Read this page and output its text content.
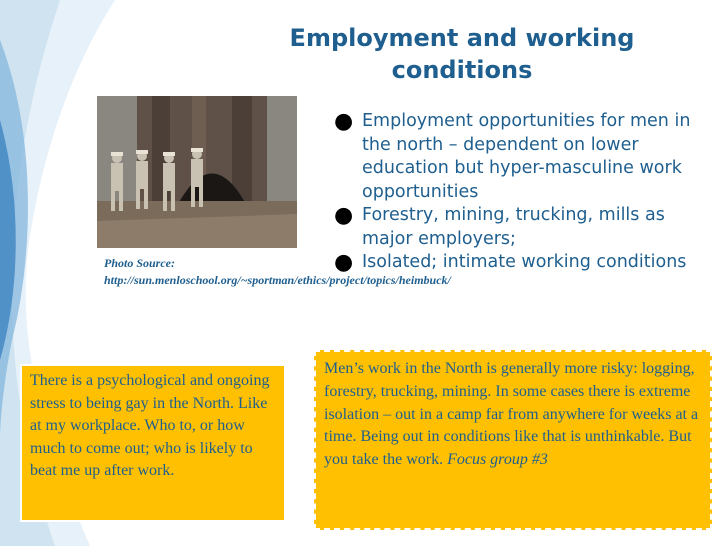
Employment and working conditions

Photo Source: http://sun.menloschool.org/~sportman/ethics/project/topics/heimbuck/

● Employment opportunities for men in the north – dependent on lower education but hyper-masculine work opportunities
● Forestry, mining, trucking, mills as major employers;
● Isolated; intimate working conditions

There is a psychological and ongoing stress to being gay in the North. Like at my workplace. Who to, or how much to come out; who is likely to beat me up after work.

Men’s work in the North is generally more risky: logging, forestry, trucking, mining. In some cases there is extreme isolation – out in a camp far from anywhere for weeks at a time. Being out in conditions like that is unthinkable. But you take the work. Focus group #3
